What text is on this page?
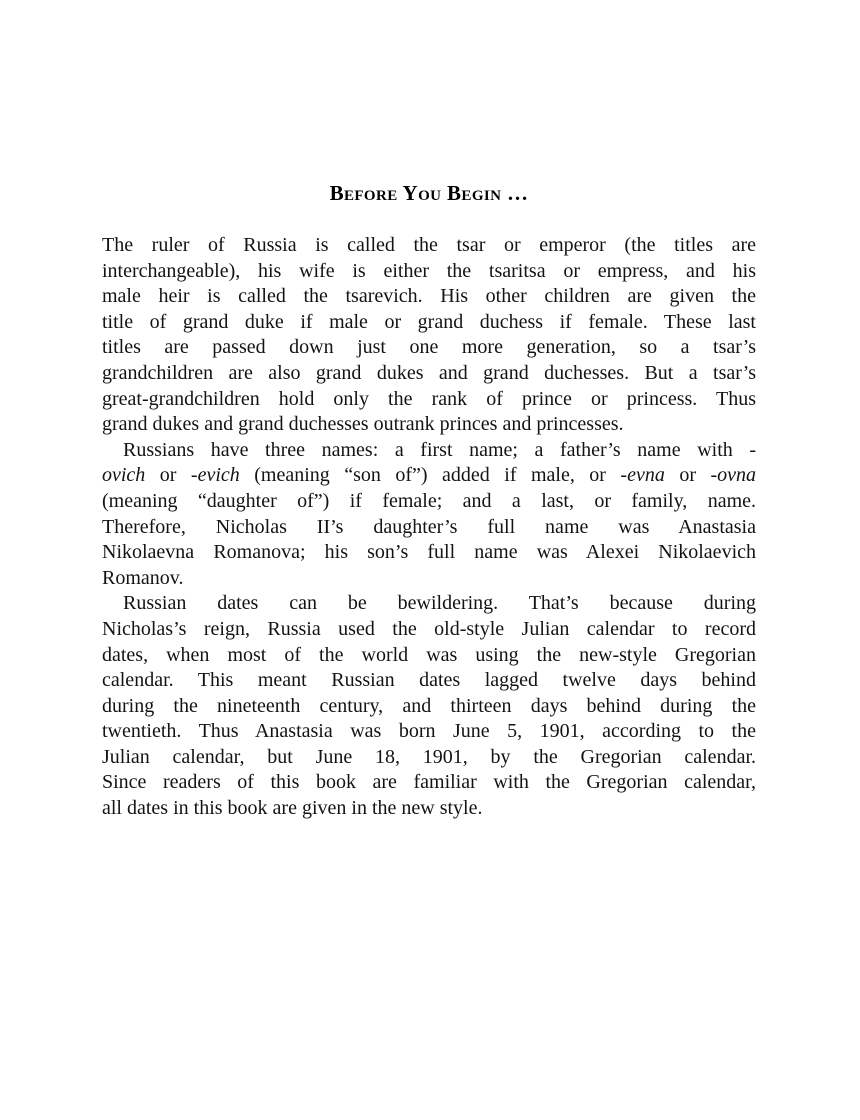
Before You Begin …
The ruler of Russia is called the tsar or emperor (the titles are
interchangeable), his wife is either the tsaritsa or empress, and his
male heir is called the tsarevich. His other children are given the
title of grand duke if male or grand duchess if female. These last
titles are passed down just one more generation, so a tsar’s
grandchildren are also grand dukes and grand duchesses. But a tsar’s
great-grandchildren hold only the rank of prince or princess. Thus
grand dukes and grand duchesses outrank princes and princesses.
Russians have three names: a first name; a father’s name with -
ovich or -evich (meaning “son of”) added if male, or -evna or -ovna
(meaning “daughter of”) if female; and a last, or family, name.
Therefore, Nicholas II’s daughter’s full name was Anastasia
Nikolaevna Romanova; his son’s full name was Alexei Nikolaevich
Romanov.
Russian dates can be bewildering. That’s because during
Nicholas’s reign, Russia used the old-style Julian calendar to record
dates, when most of the world was using the new-style Gregorian
calendar. This meant Russian dates lagged twelve days behind
during the nineteenth century, and thirteen days behind during the
twentieth. Thus Anastasia was born June 5, 1901, according to the
Julian calendar, but June 18, 1901, by the Gregorian calendar.
Since readers of this book are familiar with the Gregorian calendar,
all dates in this book are given in the new style.
